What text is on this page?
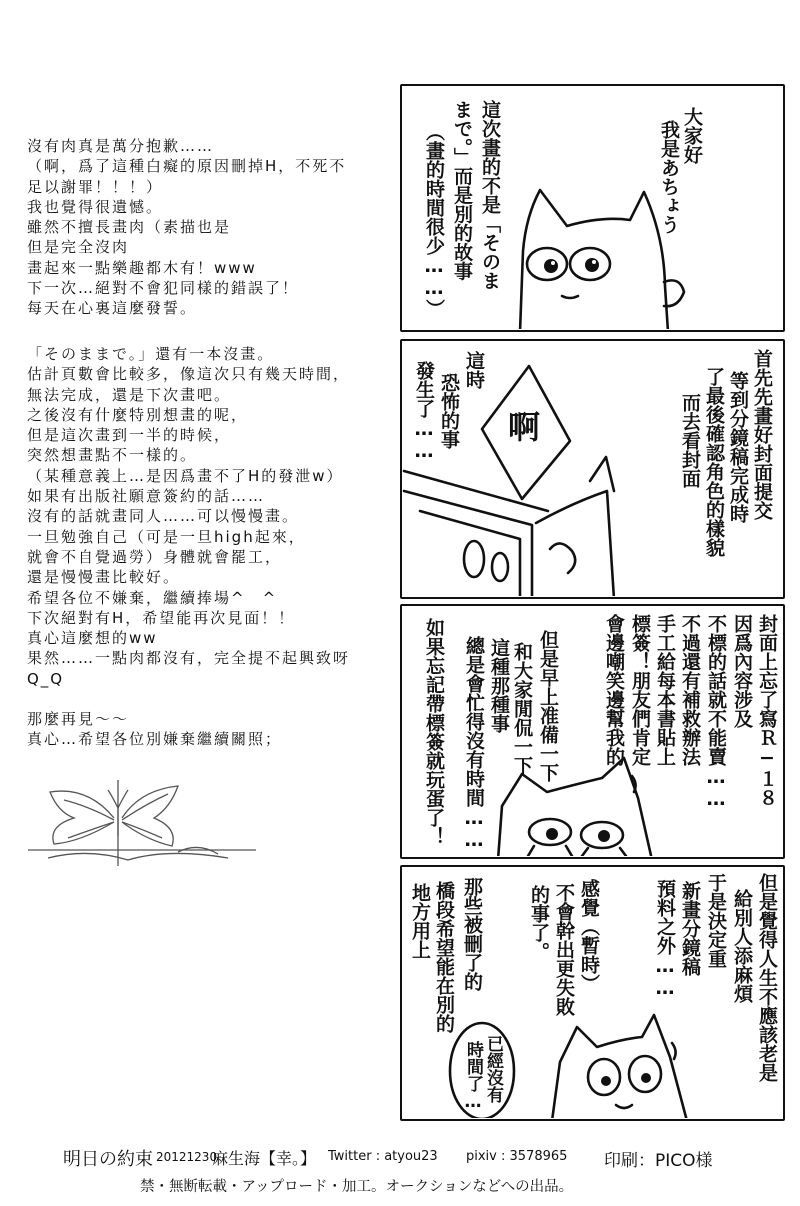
沒有肉真是萬分抱歉……
（啊，爲了這種白癡的原因刪掉H，不死不
足以謝罪！！！）
我也覺得很遺憾。
雖然不擅長畫肉（素描也是
但是完全沒肉
畫起來一點樂趣都木有！www
下一次…絕對不會犯同樣的錯誤了！
每天在心裏這麼發誓。
「そのままで。」還有一本沒畫。
估計頁數會比較多，像這次只有幾天時間，
無法完成，還是下次畫吧。
之後沒有什麼特別想畫的呢，
但是這次畫到一半的時候，
突然想畫點不一樣的。
（某種意義上…是因爲畫不了H的發泄w）
如果有出版社願意簽約的話……
沒有的話就畫同人……可以慢慢畫。
一旦勉強自己（可是一旦high起來，
就會不自覺過勞）身體就會罷工，
還是慢慢畫比較好。
希望各位不嫌棄，繼續捧場^　^
下次絕對有H，希望能再次見面！！
真心這麼想的ww
果然……一點肉都沒有，完全提不起興致呀
Q_Q
那麼再見～～
真心…希望各位別嫌棄繼續關照；
大家好
我是あちょう
這次畫的不是「そのま
まで。」而是別的故事
（畫的時間很少……）
啊	首先先畫好封面提交
等到分鏡稿完成時
了最後確認角色的樣貌
而去看封面
這時
恐怖的事
發生了……
封面上忘了寫Ｒ−１８
因爲內容涉及
不標的話就不能賣……
不過還有補救辦法
手工給每本書貼上
標簽！朋友們肯定
會邊嘲笑邊幫我的
但是早上准備一下
和大家閒侃一下
這種那種事
總是會忙得沒有時間……
如果忘記帶標簽就玩蛋了！
但是覺得人生不應該老是
給別人添麻煩
于是決定重
新畫分鏡稿
預料之外……
感覺（暫時）
不會幹出更失敗
的事了。
那些被刪了的
橋段希望能在別的
地方用上
已經沒有
時間了…
明日の約束 20121230
麻生海【幸。】 Twitter : atyou23 pixiv : 3578965 印刷：PICO様
禁・無断転載・アップロード・加工。オークションなどへの出品。
